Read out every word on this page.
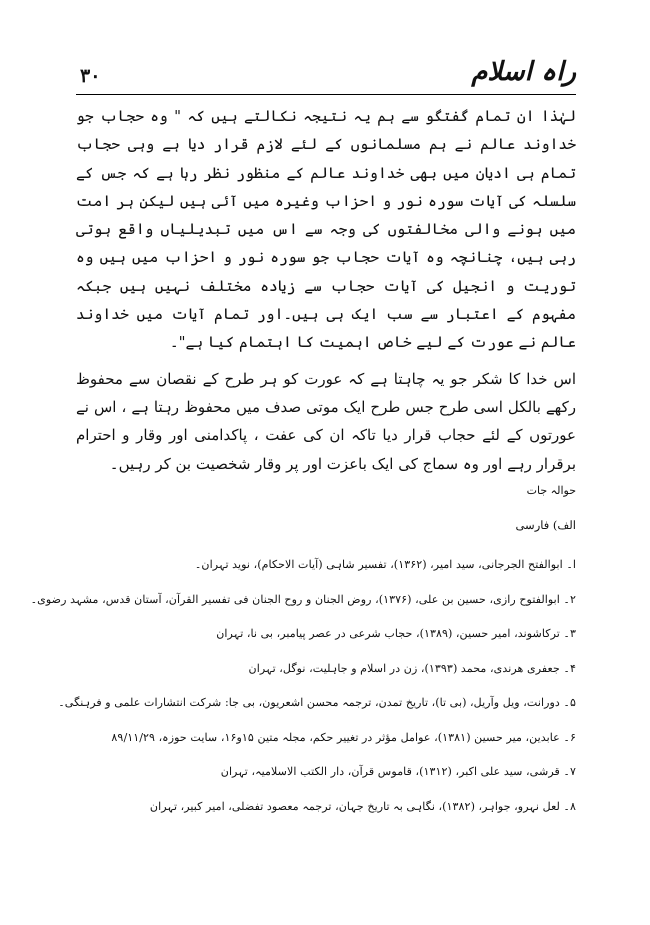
راہ اسلام
۳۰

لہٰذا ان تمام گفتگو سے ہم یہ نتیجہ نکالتے ہیں کہ " وہ حجاب جو خداوند عالم نے ہم مسلمانوں کے لئے لازم قرار دیا ہے وہی حجاب تمام ہی ادیان میں بھی خداوند عالم کے منظور نظر رہا ہے کہ جس کے سلسلہ کی آیات سورہ نور و احزاب وغیرہ میں آئی ہیں لیکن ہر امت میں ہونے والی مخالفتوں کی وجہ سے اس میں تبدیلیاں واقع ہوتی رہی ہیں، چنانچہ وہ آیات حجاب جو سورہ نور و احزاب میں ہیں وہ توریت و انجیل کی آیات حجاب سے زیادہ مختلف نہیں ہیں جبکہ مفہوم کے اعتبار سے سب ایک ہی ہیں۔اور تمام آیات میں خداوند عالم نے عورت کے لیے خاص اہمیت کا اہتمام کیا ہے"۔

اس خدا کا شکر جو یہ چاہتا ہے کہ عورت کو ہر طرح کے نقصان سے محفوظ رکھے بالکل اسی طرح جس طرح ایک موتی صدف میں محفوظ رہتا ہے ، اس نے عورتوں کے لئے حجاب قرار دیا تاکہ ان کی عفت ، پاکدامنی اور وقار و احترام برقرار رہے اور وہ سماج کی ایک باعزت اور پر وقار شخصیت بن کر رہیں۔

حوالہ جات
الف) فارسی
ا۔ ابوالفتح الجرجانی، سید امیر، (۱۳۶۲)، تفسیر شاہی (آیات الاحکام)، نوید تہران۔
۲۔ ابوالفتوح رازی، حسین بن علی، (۱۳۷۶)، روض الجنان و روح الجنان فی تفسیر القرآن، آستان قدس، مشہد رضوی۔
۳۔ ترکاشوند، امیر حسین، (۱۳۸۹)، حجاب شرعی در عصر پیامبر، بی نا، تہران
۴۔ جعفری ھرندی، محمد (۱۳۹۳)، زن در اسلام و جاہلیت، نوگل، تہران
۵۔ دورانت، ویل وآریل، (بی تا)، تاریخ تمدن، ترجمہ محسن اشعریون، بی جا: شرکت انتشارات علمی و فرہنگی۔
۶۔ عابدین، میر حسین (۱۳۸۱)، عوامل مؤثر در تغییر حکم، مجلہ متین ۱۵و۱۶، سایت حوزہ، ۸۹/۱۱/۲۹
۷۔ قرشی، سید علی اکبر، (۱۳۱۲)، قاموس قرآن، دار الکتب الاسلامیہ، تہران
۸۔ لعل نہرو، جواہر، (۱۳۸۲)، نگاہی بہ تاریخ جہان، ترجمہ معصود تفضلی، امیر کبیر، تہران
